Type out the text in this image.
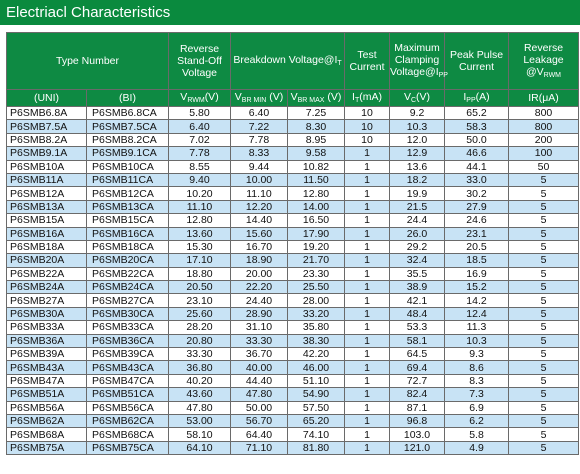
Electriacl Characteristics
Type Number		Reverse Stand-Off Voltage	Breakdown Voltage@IT		Test Current	Maximum Clamping Voltage@IPP	Peak Pulse Current	Reverse Leakage @VRWM
(UNI)	(BI)	VRWM(V)	VBR MIN (V)	VBR MAX (V)	IT(mA)	VC(V)	IPP(A)	IR(μA)
P6SMB6.8A	P6SMB6.8CA	5.80	6.40	7.25	10	9.2	65.2	800
P6SMB7.5A	P6SMB7.5CA	6.40	7.22	8.30	10	10.3	58.3	800
P6SMB8.2A	P6SMB8.2CA	7.02	7.78	8.95	10	12.0	50.0	200
P6SMB9.1A	P6SMB9.1CA	7.78	8.33	9.58	1	12.9	46.6	100
P6SMB10A	P6SMB10CA	8.55	9.44	10.82	1	13.6	44.1	50
P6SMB11A	P6SMB11CA	9.40	10.00	11.50	1	18.2	33.0	5
P6SMB12A	P6SMB12CA	10.20	11.10	12.80	1	19.9	30.2	5
P6SMB13A	P6SMB13CA	11.10	12.20	14.00	1	21.5	27.9	5
P6SMB15A	P6SMB15CA	12.80	14.40	16.50	1	24.4	24.6	5
P6SMB16A	P6SMB16CA	13.60	15.60	17.90	1	26.0	23.1	5
P6SMB18A	P6SMB18CA	15.30	16.70	19.20	1	29.2	20.5	5
P6SMB20A	P6SMB20CA	17.10	18.90	21.70	1	32.4	18.5	5
P6SMB22A	P6SMB22CA	18.80	20.00	23.30	1	35.5	16.9	5
P6SMB24A	P6SMB24CA	20.50	22.20	25.50	1	38.9	15.2	5
P6SMB27A	P6SMB27CA	23.10	24.40	28.00	1	42.1	14.2	5
P6SMB30A	P6SMB30CA	25.60	28.90	33.20	1	48.4	12.4	5
P6SMB33A	P6SMB33CA	28.20	31.10	35.80	1	53.3	11.3	5
P6SMB36A	P6SMB36CA	20.80	33.30	38.30	1	58.1	10.3	5
P6SMB39A	P6SMB39CA	33.30	36.70	42.20	1	64.5	9.3	5
P6SMB43A	P6SMB43CA	36.80	40.00	46.00	1	69.4	8.6	5
P6SMB47A	P6SMB47CA	40.20	44.40	51.10	1	72.7	8.3	5
P6SMB51A	P6SMB51CA	43.60	47.80	54.90	1	82.4	7.3	5
P6SMB56A	P6SMB56CA	47.80	50.00	57.50	1	87.1	6.9	5
P6SMB62A	P6SMB62CA	53.00	56.70	65.20	1	96.8	6.2	5
P6SMB68A	P6SMB68CA	58.10	64.40	74.10	1	103.0	5.8	5
P6SMB75A	P6SMB75CA	64.10	71.10	81.80	1	121.0	4.9	5
